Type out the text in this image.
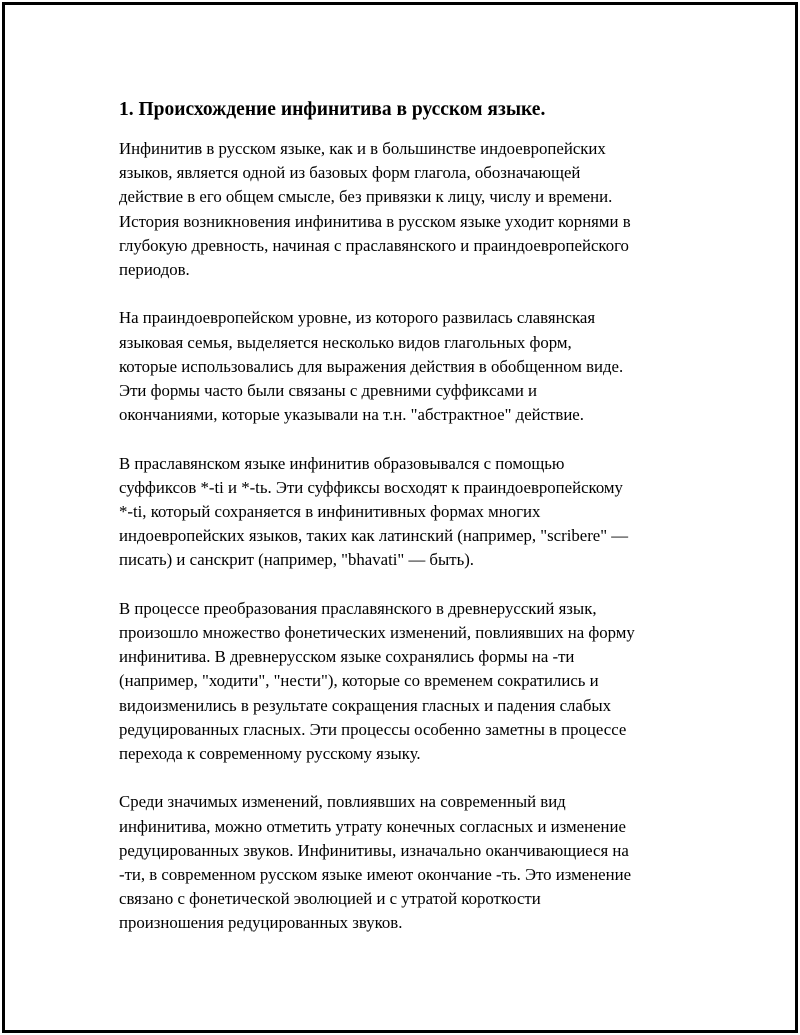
1. Происхождение инфинитива в русском языке.

Инфинитив в русском языке, как и в большинстве индоевропейских
языков, является одной из базовых форм глагола, обозначающей
действие в его общем смысле, без привязки к лицу, числу и времени.
История возникновения инфинитива в русском языке уходит корнями в
глубокую древность, начиная с праславянского и праиндоевропейского
периодов.

На праиндоевропейском уровне, из которого развилась славянская
языковая семья, выделяется несколько видов глагольных форм,
которые использовались для выражения действия в обобщенном виде.
Эти формы часто были связаны с древними суффиксами и
окончаниями, которые указывали на т.н. "абстрактное" действие.

В праславянском языке инфинитив образовывался с помощью
суффиксов *-ti и *-tь. Эти суффиксы восходят к праиндоевропейскому
*-ti, который сохраняется в инфинитивных формах многих
индоевропейских языков, таких как латинский (например, "scribere" —
писать) и санскрит (например, "bhavati" — быть).

В процессе преобразования праславянского в древнерусский язык,
произошло множество фонетических изменений, повлиявших на форму
инфинитива. В древнерусском языке сохранялись формы на -ти
(например, "ходити", "нести"), которые со временем сократились и
видоизменились в результате сокращения гласных и падения слабых
редуцированных гласных. Эти процессы особенно заметны в процессе
перехода к современному русскому языку.

Среди значимых изменений, повлиявших на современный вид
инфинитива, можно отметить утрату конечных согласных и изменение
редуцированных звуков. Инфинитивы, изначально оканчивающиеся на
-ти, в современном русском языке имеют окончание -ть. Это изменение
связано с фонетической эволюцией и с утратой короткости
произношения редуцированных звуков.
